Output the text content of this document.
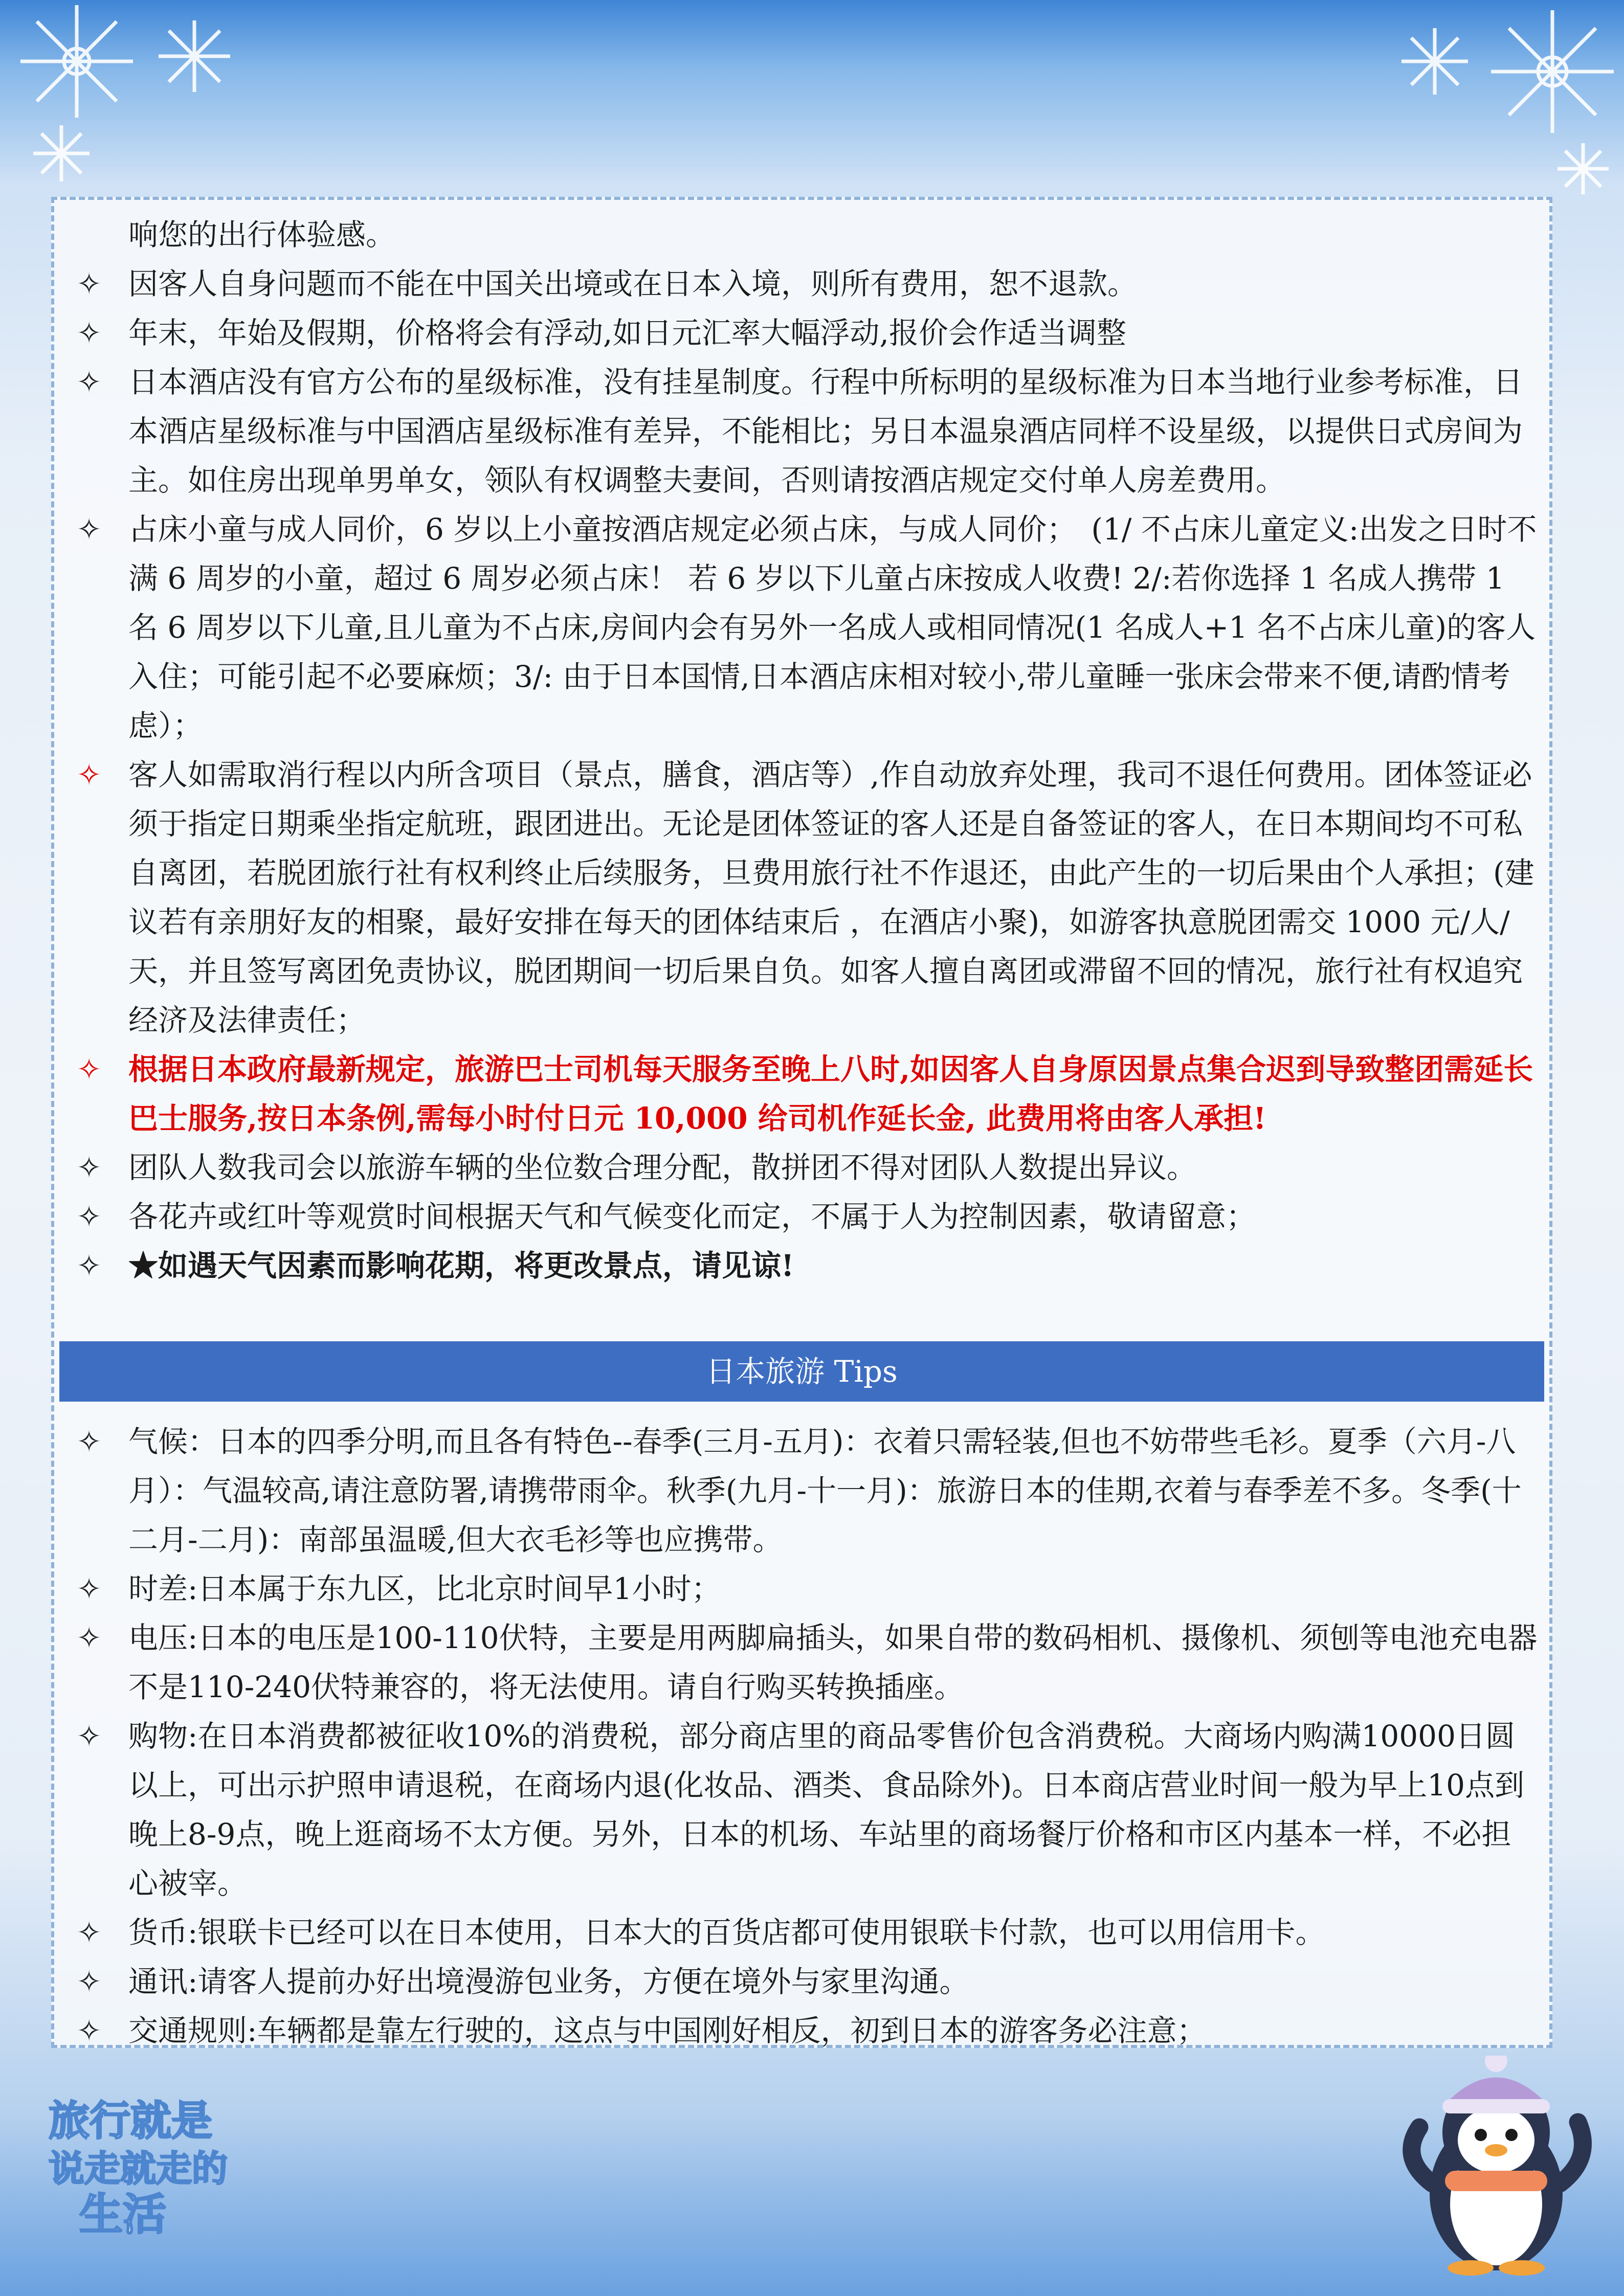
响您的出行体验感。
✧ 因客人自身问题而不能在中国关出境或在日本入境，则所有费用，恕不退款。
✧ 年末，年始及假期，价格将会有浮动,如日元汇率大幅浮动,报价会作适当调整
✧ 日本酒店没有官方公布的星级标准，没有挂星制度。行程中所标明的星级标准为日本当地行业参考标准，日本酒店星级标准与中国酒店星级标准有差异，不能相比；另日本温泉酒店同样不设星级，以提供日式房间为主。如住房出现单男单女，领队有权调整夫妻间，否则请按酒店规定交付单人房差费用。
✧ 占床小童与成人同价，6 岁以上小童按酒店规定必须占床，与成人同价；　(1/ 不占床儿童定义:出发之日时不满 6 周岁的小童，超过 6 周岁必须占床！ 若 6 岁以下儿童占床按成人收费! 2/:若你选择 1 名成人携带 1 名 6 周岁以下儿童,且儿童为不占床,房间内会有另外一名成人或相同情况(1 名成人+1 名不占床儿童)的客人入住；可能引起不必要麻烦；3/: 由于日本国情,日本酒店床相对较小,带儿童睡一张床会带来不便,请酌情考虑）；
✧ 客人如需取消行程以内所含项目（景点，膳食，酒店等）,作自动放弃处理，我司不退任何费用。团体签证必须于指定日期乘坐指定航班，跟团进出。无论是团体签证的客人还是自备签证的客人，在日本期间均不可私自离团，若脱团旅行社有权利终止后续服务，旦费用旅行社不作退还，由此产生的一切后果由个人承担；(建议若有亲朋好友的相聚，最好安排在每天的团体结束后 ，在酒店小聚)，如游客执意脱团需交 1000 元/人/天，并且签写离团免责协议，脱团期间一切后果自负。如客人擅自离团或滞留不回的情况，旅行社有权追究经济及法律责任；
✧ 根据日本政府最新规定，旅游巴士司机每天服务至晚上八时,如因客人自身原因景点集合迟到导致整团需延长巴士服务,按日本条例,需每小时付日元 10,000 给司机作延长金, 此费用将由客人承担!
✧ 团队人数我司会以旅游车辆的坐位数合理分配，散拼团不得对团队人数提出异议。
✧ 各花卉或红叶等观赏时间根据天气和气候变化而定，不属于人为控制因素，敬请留意；
✧ ★如遇天气因素而影响花期，将更改景点，请见谅!
日本旅游 Tips
✧ 气候：日本的四季分明,而且各有特色--春季(三月-五月)：衣着只需轻装,但也不妨带些毛衫。夏季（六月-八月）：气温较高,请注意防署,请携带雨伞。秋季(九月-十一月)：旅游日本的佳期,衣着与春季差不多。冬季(十二月-二月)：南部虽温暖,但大衣毛衫等也应携带。
✧ 时差:日本属于东九区，比北京时间早1小时；
✧ 电压:日本的电压是100-110伏特，主要是用两脚扁插头，如果自带的数码相机、摄像机、须刨等电池充电器不是110-240伏特兼容的，将无法使用。请自行购买转换插座。
✧ 购物:在日本消费都被征收10%的消费税，部分商店里的商品零售价包含消费税。大商场内购满10000日圆以上，可出示护照申请退税，在商场内退(化妆品、酒类、食品除外)。日本商店营业时间一般为早上10点到晚上8-9点，晚上逛商场不太方便。另外，日本的机场、车站里的商场餐厅价格和市区内基本一样，不必担心被宰。
✧ 货币:银联卡已经可以在日本使用，日本大的百货店都可使用银联卡付款，也可以用信用卡。
✧ 通讯:请客人提前办好出境漫游包业务，方便在境外与家里沟通。
✧ 交通规则:车辆都是靠左行驶的，这点与中国刚好相反，初到日本的游客务必注意；
旅行就是
说走就走的
生活
